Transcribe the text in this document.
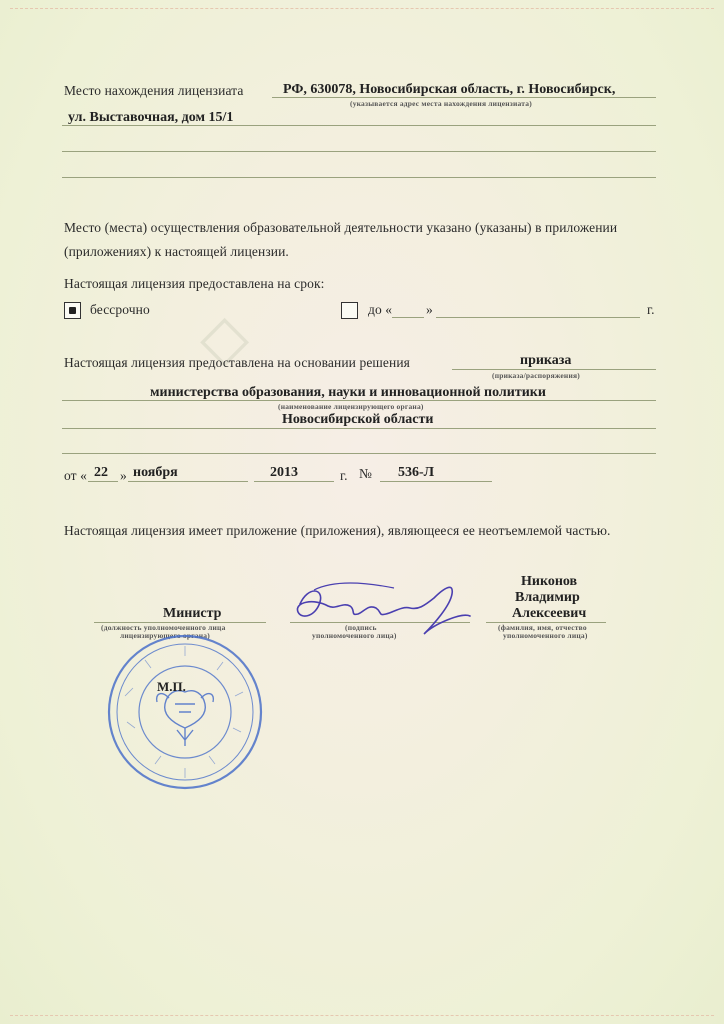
◇
Место нахождения лицензиата	РФ, 630078, Новосибирская область, г. Новосибирск,
(указывается адрес места нахождения лицензиата)
ул. Выставочная, дом 15/1
Место (места) осуществления образовательной деятельности указано (указаны) в приложении
(приложениях) к настоящей лицензии.
Настоящая лицензия предоставлена на срок:
бессрочно	до «	»	г.
Настоящая лицензия предоставлена на основании решения	приказа
(приказа/распоряжения)
министерства образования, науки и инновационной политики
(наименование лицензирующего органа)
Новосибирской области
от « 22 » ноября	2013	г. № 536-Л
Настоящая лицензия имеет приложение (приложения), являющееся ее неотъемлемой частью.
Никонов
Владимир
Алексеевич
(фамилия, имя, отчество
уполномоченного лица)
Министр
(должность уполномоченного лица
лицензирующего органа)
(подпись
уполномоченного лица)
М.П.
